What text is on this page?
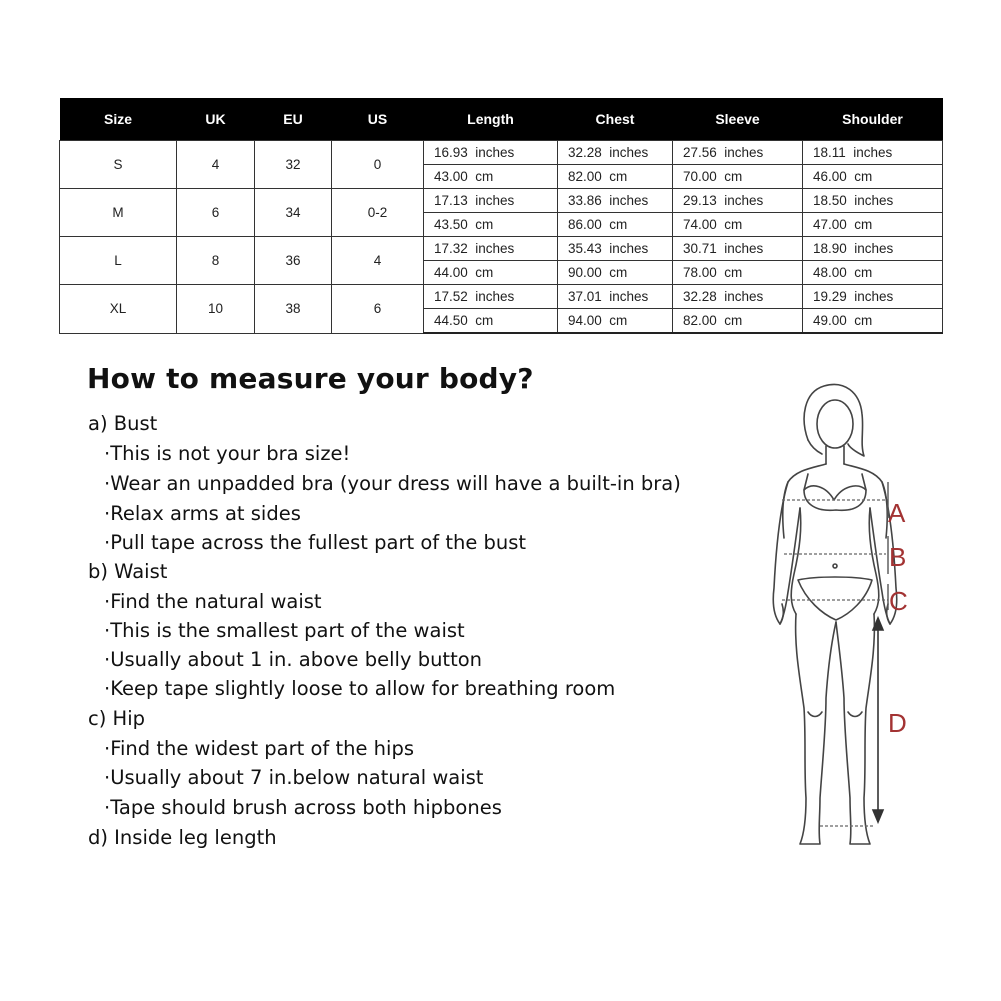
Size	UK	EU	US	Length	Chest	Sleeve	Shoulder
S	4	32	0	16.93  inches	32.28  inches	27.56  inches	18.11  inches
				43.00  cm	82.00  cm	70.00  cm	46.00  cm
M	6	34	0-2	17.13  inches	33.86  inches	29.13  inches	18.50  inches
				43.50  cm	86.00  cm	74.00  cm	47.00  cm
L	8	36	4	17.32  inches	35.43  inches	30.71  inches	18.90  inches
				44.00  cm	90.00  cm	78.00  cm	48.00  cm
XL	10	38	6	17.52  inches	37.01  inches	32.28  inches	19.29  inches
				44.50  cm	94.00  cm	82.00  cm	49.00  cm
How to measure your body?

a) Bust

·This is not your bra size!

·Wear an unpadded bra (your dress will have a built-in bra)

·Relax arms at sides

·Pull tape across the fullest part of the bust

b) Waist

·Find the natural waist

·This is the smallest part of the waist

·Usually about 1 in. above belly button

·Keep tape slightly loose to allow for breathing room

c) Hip

·Find the widest part of the hips

·Usually about 7 in.below natural waist

·Tape should brush across both hipbones

d) Inside leg length

A
B
C
D
